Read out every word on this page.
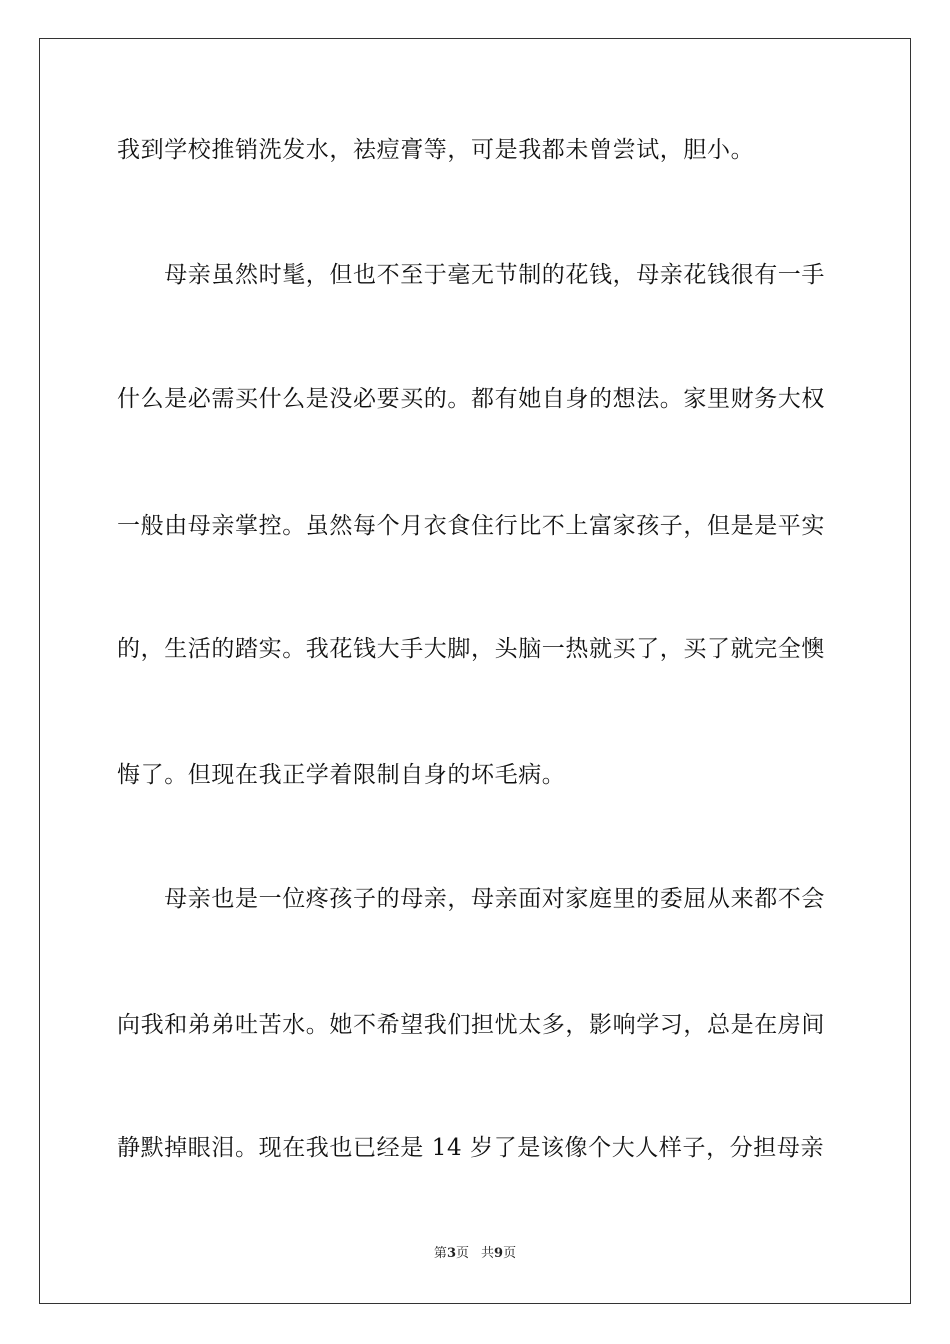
我到学校推销洗发水，祛痘膏等，可是我都未曾尝试，胆小。
　　母亲虽然时髦，但也不至于毫无节制的花钱，母亲花钱很有一手
什么是必需买什么是没必要买的。都有她自身的想法。家里财务大权
一般由母亲掌控。虽然每个月衣食住行比不上富家孩子，但是是平实
的，生活的踏实。我花钱大手大脚，头脑一热就买了，买了就完全懊
悔了。但现在我正学着限制自身的坏毛病。
　　母亲也是一位疼孩子的母亲，母亲面对家庭里的委屈从来都不会
向我和弟弟吐苦水。她不希望我们担忧太多，影响学习，总是在房间
静默掉眼泪。现在我也已经是 14 岁了是该像个大人样子，分担母亲
第3页 共9页
